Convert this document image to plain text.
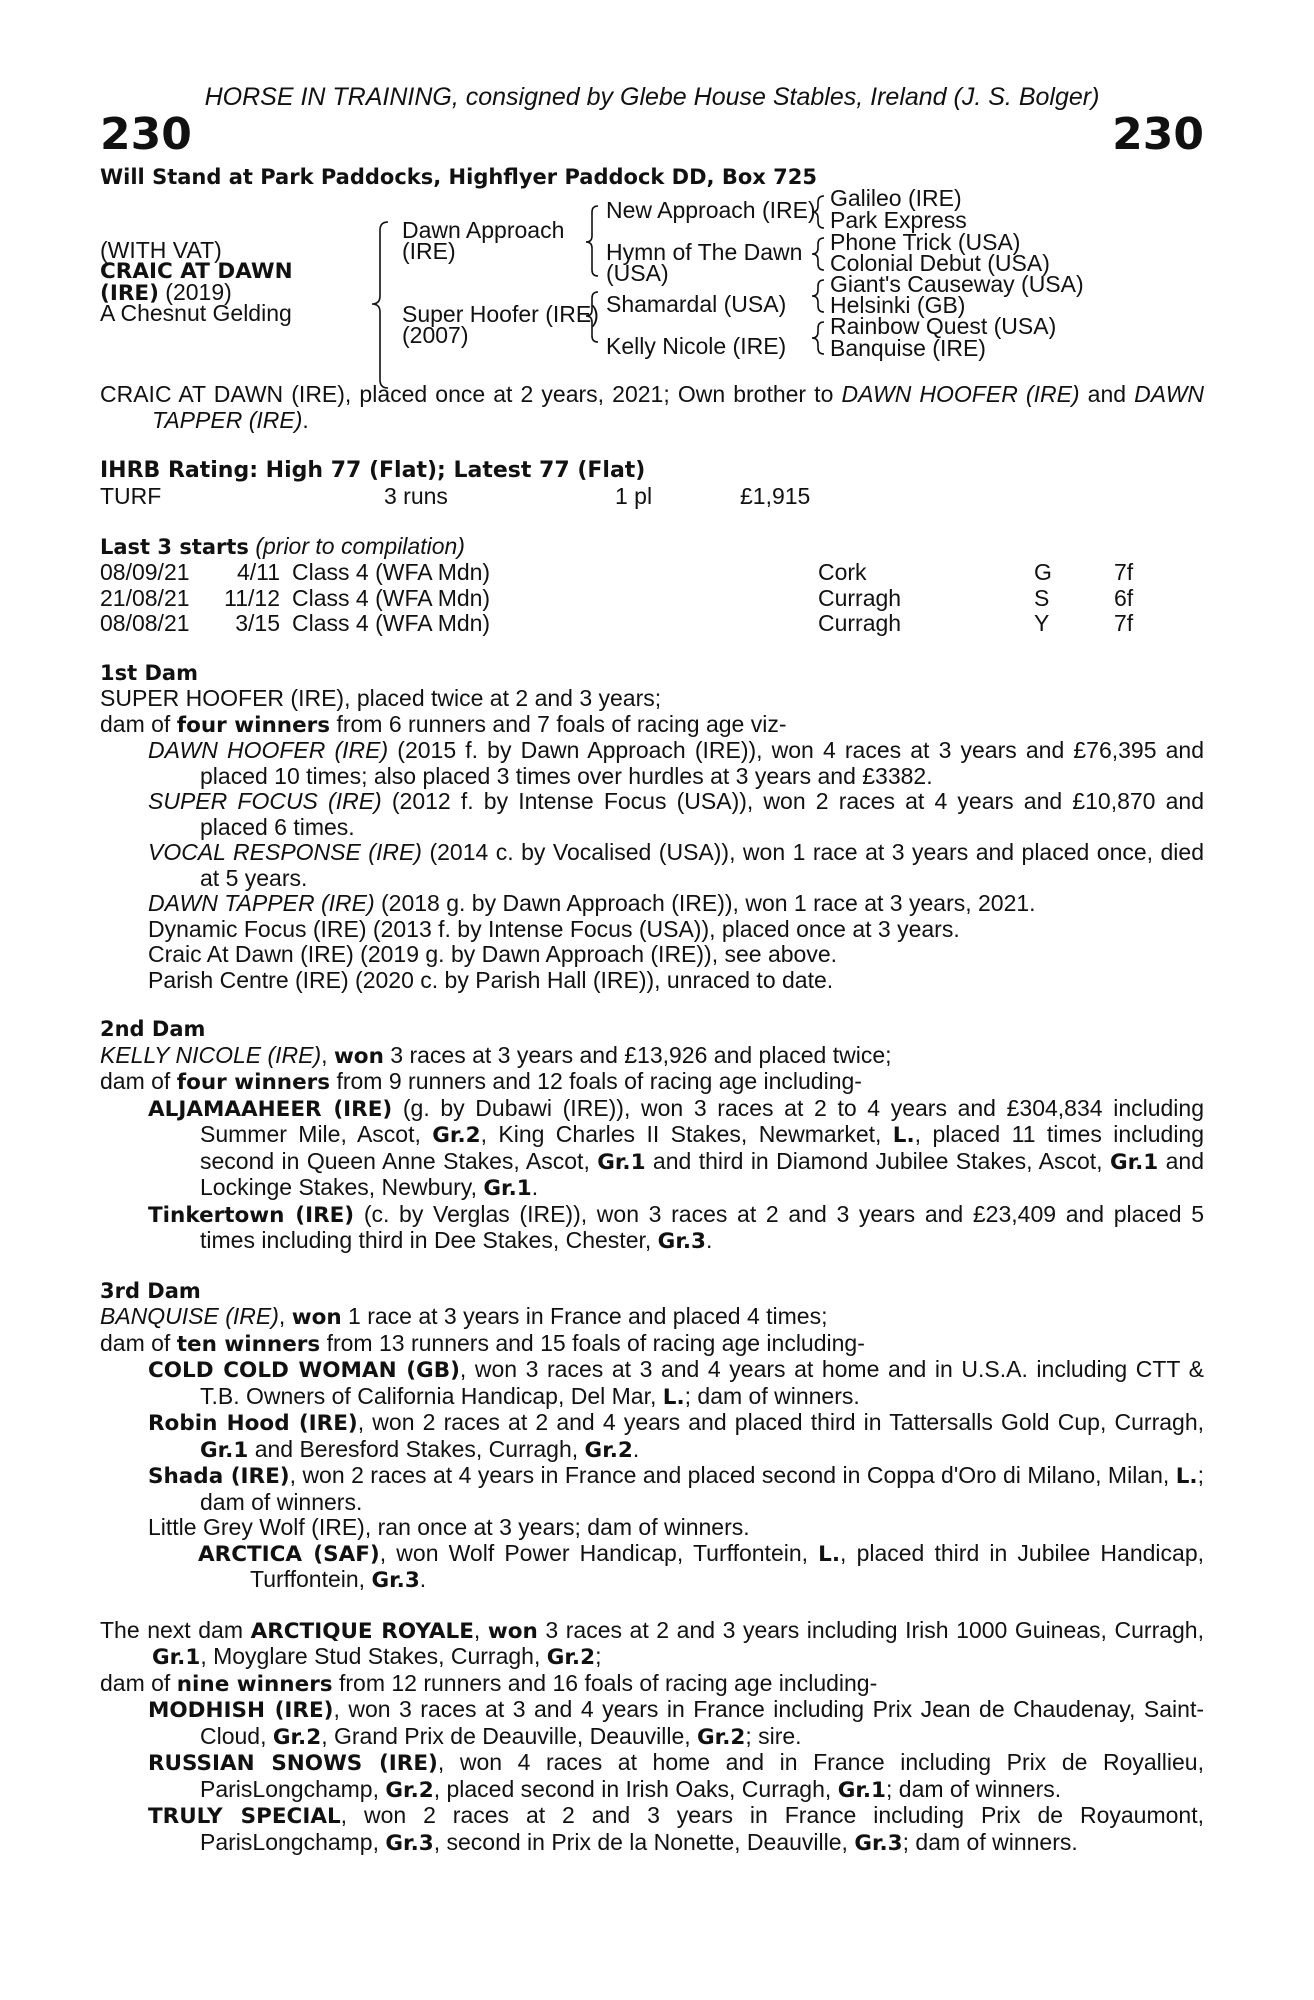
HORSE IN TRAINING, consigned by Glebe House Stables, Ireland (J. S. Bolger)
230	230
Will Stand at Park Paddocks, Highflyer Paddock DD, Box 725
(WITH VAT)
CRAIC AT DAWN
(IRE) (2019)
A Chesnut Gelding
Dawn Approach
(IRE)
Super Hoofer (IRE)
(2007)
New Approach (IRE)
Hymn of The Dawn
(USA)
Shamardal (USA)
Kelly Nicole (IRE)
Galileo (IRE)
Park Express
Phone Trick (USA)
Colonial Debut (USA)
Giant's Causeway (USA)
Helsinki (GB)
Rainbow Quest (USA)
Banquise (IRE)
CRAIC AT DAWN (IRE), placed once at 2 years, 2021; Own brother to DAWN HOOFER (IRE) and DAWN TAPPER (IRE).
IHRB Rating: High 77 (Flat); Latest 77 (Flat)
TURF	3 runs	1 pl	£1,915
Last 3 starts (prior to compilation)
08/09/21	4/11 Class 4 (WFA Mdn)	Cork	G	7f
21/08/21 11/12 Class 4 (WFA Mdn)	Curragh	S	6f
08/08/21	3/15 Class 4 (WFA Mdn)	Curragh	Y	7f
1st Dam
SUPER HOOFER (IRE), placed twice at 2 and 3 years;
dam of four winners from 6 runners and 7 foals of racing age viz-
DAWN HOOFER (IRE) (2015 f. by Dawn Approach (IRE)), won 4 races at 3 years and £76,395 and placed 10 times; also placed 3 times over hurdles at 3 years and £3382.
SUPER FOCUS (IRE) (2012 f. by Intense Focus (USA)), won 2 races at 4 years and £10,870 and placed 6 times.
VOCAL RESPONSE (IRE) (2014 c. by Vocalised (USA)), won 1 race at 3 years and placed once, died at 5 years.
DAWN TAPPER (IRE) (2018 g. by Dawn Approach (IRE)), won 1 race at 3 years, 2021.
Dynamic Focus (IRE) (2013 f. by Intense Focus (USA)), placed once at 3 years.
Craic At Dawn (IRE) (2019 g. by Dawn Approach (IRE)), see above.
Parish Centre (IRE) (2020 c. by Parish Hall (IRE)), unraced to date.
2nd Dam
KELLY NICOLE (IRE), won 3 races at 3 years and £13,926 and placed twice;
dam of four winners from 9 runners and 12 foals of racing age including-
ALJAMAAHEER (IRE) (g. by Dubawi (IRE)), won 3 races at 2 to 4 years and £304,834 including Summer Mile, Ascot, Gr.2, King Charles II Stakes, Newmarket, L., placed 11 times including second in Queen Anne Stakes, Ascot, Gr.1 and third in Diamond Jubilee Stakes, Ascot, Gr.1 and Lockinge Stakes, Newbury, Gr.1.
Tinkertown (IRE) (c. by Verglas (IRE)), won 3 races at 2 and 3 years and £23,409 and placed 5 times including third in Dee Stakes, Chester, Gr.3.
3rd Dam
BANQUISE (IRE), won 1 race at 3 years in France and placed 4 times;
dam of ten winners from 13 runners and 15 foals of racing age including-
COLD COLD WOMAN (GB), won 3 races at 3 and 4 years at home and in U.S.A. including CTT & T.B. Owners of California Handicap, Del Mar, L.; dam of winners.
Robin Hood (IRE), won 2 races at 2 and 4 years and placed third in Tattersalls Gold Cup, Curragh, Gr.1 and Beresford Stakes, Curragh, Gr.2.
Shada (IRE), won 2 races at 4 years in France and placed second in Coppa d'Oro di Milano, Milan, L.; dam of winners.
Little Grey Wolf (IRE), ran once at 3 years; dam of winners.
ARCTICA (SAF), won Wolf Power Handicap, Turffontein, L., placed third in Jubilee Handicap, Turffontein, Gr.3.
The next dam ARCTIQUE ROYALE, won 3 races at 2 and 3 years including Irish 1000 Guineas, Curragh, Gr.1, Moyglare Stud Stakes, Curragh, Gr.2;
dam of nine winners from 12 runners and 16 foals of racing age including-
MODHISH (IRE), won 3 races at 3 and 4 years in France including Prix Jean de Chaudenay, Saint-Cloud, Gr.2, Grand Prix de Deauville, Deauville, Gr.2; sire.
RUSSIAN SNOWS (IRE), won 4 races at home and in France including Prix de Royallieu, ParisLongchamp, Gr.2, placed second in Irish Oaks, Curragh, Gr.1; dam of winners.
TRULY SPECIAL, won 2 races at 2 and 3 years in France including Prix de Royaumont, ParisLongchamp, Gr.3, second in Prix de la Nonette, Deauville, Gr.3; dam of winners.
